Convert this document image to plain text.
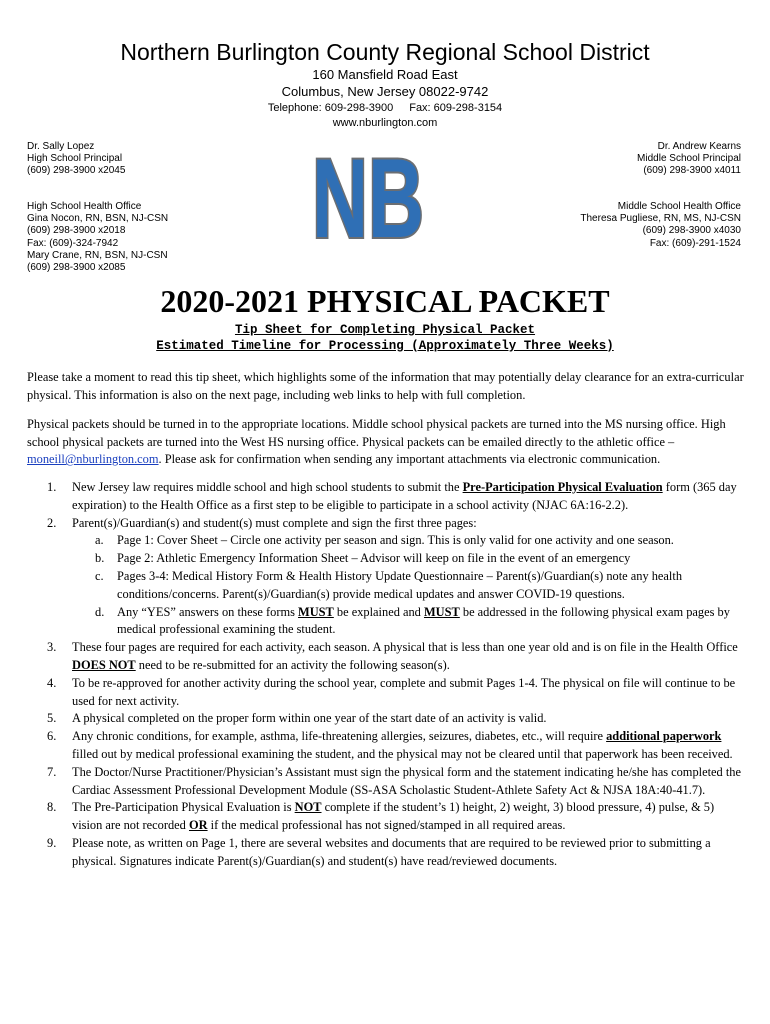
Northern Burlington County Regional School District
160 Mansfield Road East
Columbus, New Jersey 08022-9742
Telephone: 609-298-3900 Fax: 609-298-3154
www.nburlington.com
Dr. Sally Lopez
High School Principal
(609) 298-3900 x2045
High School Health Office
Gina Nocon, RN, BSN, NJ-CSN
(609) 298-3900 x2018
Fax: (609)-324-7942
Mary Crane, RN, BSN, NJ-CSN
(609) 298-3900 x2085
Dr. Andrew Kearns
Middle School Principal
(609) 298-3900 x4011
Middle School Health Office
Theresa Pugliese, RN, MS, NJ-CSN
(609) 298-3900 x4030
Fax: (609)-291-1524
NB
2020-2021 PHYSICAL PACKET
Tip Sheet for Completing Physical Packet
Estimated Timeline for Processing (Approximately Three Weeks)

Please take a moment to read this tip sheet, which highlights some of the information that may potentially delay clearance for an extra-curricular physical. This information is also on the next page, including web links to help with full completion.

Physical packets should be turned in to the appropriate locations. Middle school physical packets are turned into the MS nursing office. High school physical packets are turned into the West HS nursing office. Physical packets can be emailed directly to the athletic office – moneill@nburlington.com. Please ask for confirmation when sending any important attachments via electronic communication.

1. New Jersey law requires middle school and high school students to submit the Pre-Participation Physical Evaluation form (365 day expiration) to the Health Office as a first step to be eligible to participate in a school activity (NJAC 6A:16-2.2).
2. Parent(s)/Guardian(s) and student(s) must complete and sign the first three pages:
a. Page 1: Cover Sheet – Circle one activity per season and sign. This is only valid for one activity and one season.
b. Page 2: Athletic Emergency Information Sheet – Advisor will keep on file in the event of an emergency
c. Pages 3-4: Medical History Form & Health History Update Questionnaire – Parent(s)/Guardian(s) note any health conditions/concerns. Parent(s)/Guardian(s) provide medical updates and answer COVID-19 questions.
d. Any “YES” answers on these forms MUST be explained and MUST be addressed in the following physical exam pages by medical professional examining the student.
3. These four pages are required for each activity, each season. A physical that is less than one year old and is on file in the Health Office DOES NOT need to be re-submitted for an activity the following season(s).
4. To be re-approved for another activity during the school year, complete and submit Pages 1-4. The physical on file will continue to be used for next activity.
5. A physical completed on the proper form within one year of the start date of an activity is valid.
6. Any chronic conditions, for example, asthma, life-threatening allergies, seizures, diabetes, etc., will require additional paperwork filled out by medical professional examining the student, and the physical may not be cleared until that paperwork has been received.
7. The Doctor/Nurse Practitioner/Physician’s Assistant must sign the physical form and the statement indicating he/she has completed the Cardiac Assessment Professional Development Module (SS-ASA Scholastic Student-Athlete Safety Act & NJSA 18A:40-41.7).
8. The Pre-Participation Physical Evaluation is NOT complete if the student’s 1) height, 2) weight, 3) blood pressure, 4) pulse, & 5) vision are not recorded OR if the medical professional has not signed/stamped in all required areas.
9. Please note, as written on Page 1, there are several websites and documents that are required to be reviewed prior to submitting a physical. Signatures indicate Parent(s)/Guardian(s) and student(s) have read/reviewed documents.
